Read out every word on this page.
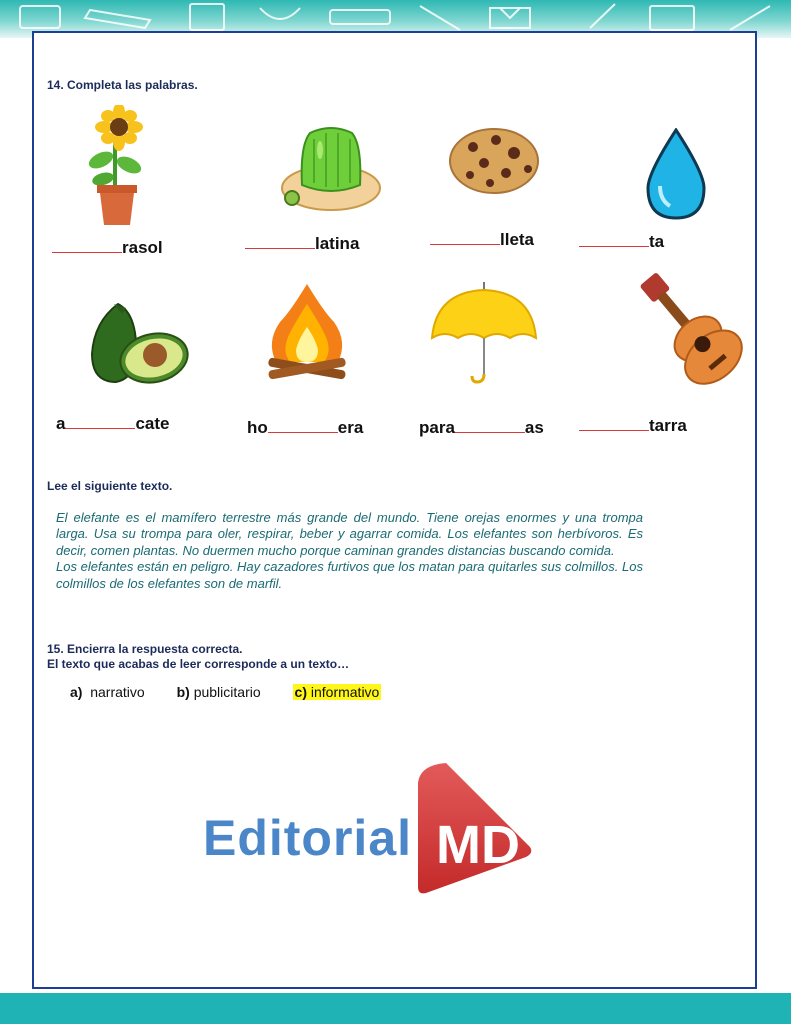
14. Completa las palabras.
rasol	latina	lleta	ta
a	cate	ho	era	para	as	tarra
Lee el siguiente texto.

El elefante es el mamífero terrestre más grande del mundo. Tiene orejas enormes y una trompa larga. Usa su trompa para oler, respirar, beber y agarrar comida. Los elefantes son herbívoros. Es decir, comen plantas. No duermen mucho porque caminan grandes distancias buscando comida.

Los elefantes están en peligro. Hay cazadores furtivos que los matan para quitarles sus colmillos. Los colmillos de los elefantes son de marfil.

15. Encierra la respuesta correcta.
El texto que acabas de leer corresponde a un texto…
a) narrativo b) publicitario c) informativo
Editorial MD
